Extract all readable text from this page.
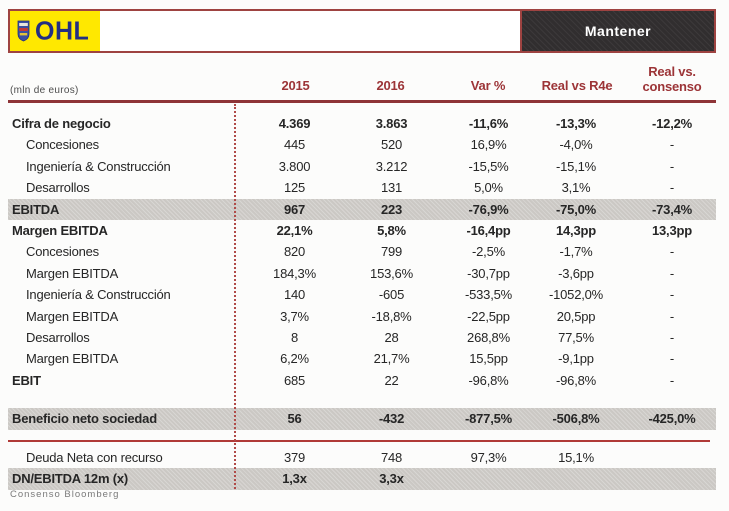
OHL	Mantener
(mln de euros)	2015	2016	Var %	Real vs R4e
Real vs.
consenso
Cifra de negocio	4.369	3.863	-11,6%	-13,3%	-12,2%
Concesiones	445	520	16,9%	-4,0%	-
Ingeniería & Construcción	3.800	3.212	-15,5%	-15,1%	-
Desarrollos	125	131	5,0%	3,1%	-
EBITDA	967	223	-76,9%	-75,0%	-73,4%
Margen EBITDA	22,1%	5,8%	-16,4pp	14,3pp	13,3pp
Concesiones	820	799	-2,5%	-1,7%	-
Margen EBITDA	184,3%	153,6%	-30,7pp	-3,6pp	-
Ingeniería & Construcción	140	-605	-533,5%	-1052,0%	-
Margen EBITDA	3,7%	-18,8%	-22,5pp	20,5pp	-
Desarrollos	8	28	268,8%	77,5%	-
Margen EBITDA	6,2%	21,7%	15,5pp	-9,1pp	-
EBIT	685	22	-96,8%	-96,8%	-
Beneficio neto sociedad	56	-432	-877,5%	-506,8%	-425,0%
Deuda Neta con recurso	379	748	97,3%	15,1%
DN/EBITDA 12m (x)	1,3x	3,3x
Consenso Bloomberg
